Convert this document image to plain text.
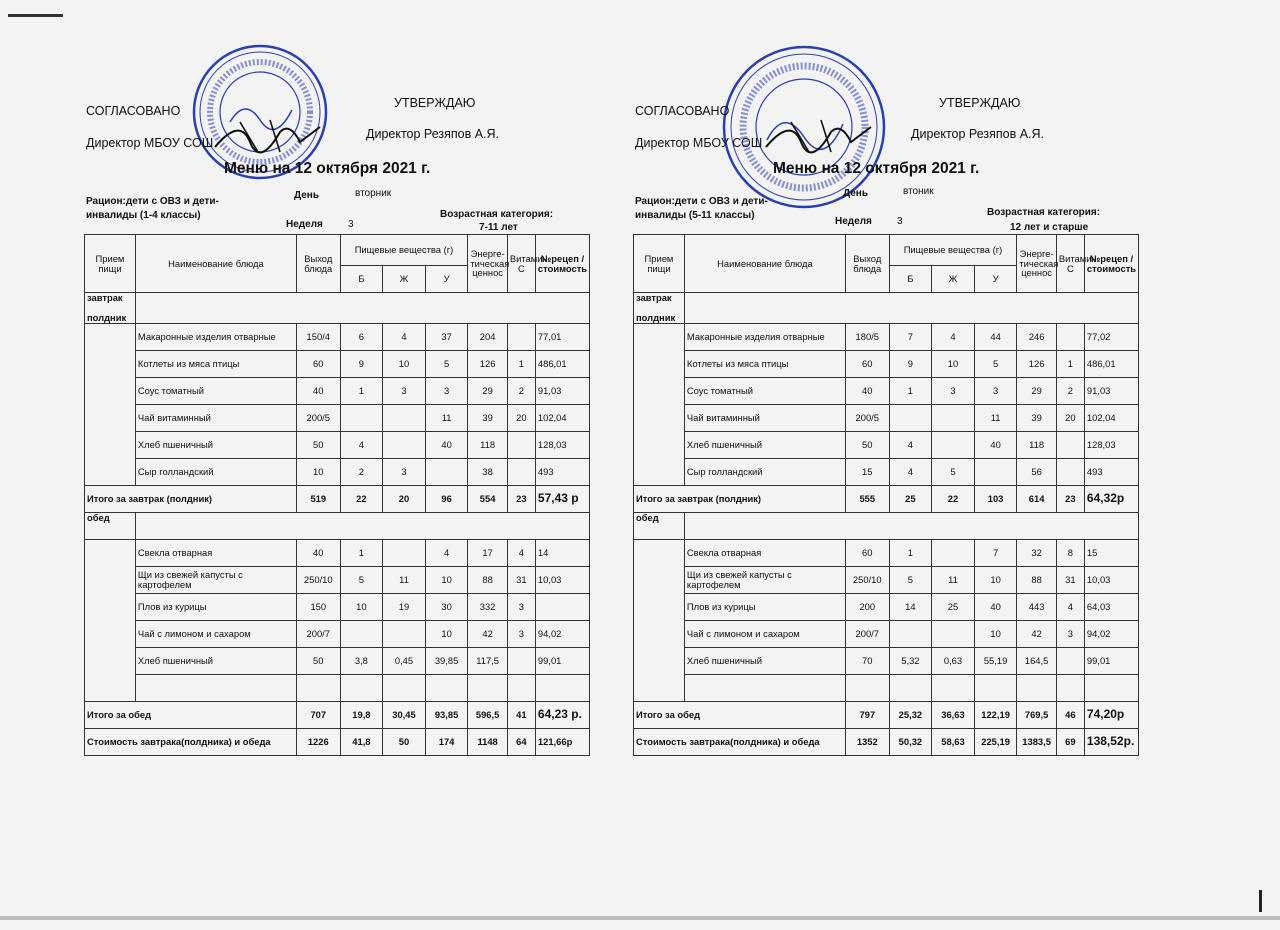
СОГЛАСОВАНО
УТВЕРЖДАЮ
Директор МБОУ СОШ
Директор Резяпов А.Я.
Меню на 12 октября 2021 г.
Рацион:дети с ОВЗ и дети-
инвалиды (1-4 классы)
День	вторник
Неделя	3
Возрастная категория:
7-11 лет
Прием пищи	Наименование блюда	Выход блюда	Пищевые вещества (г)			Энерге-тическая ценнос	Витамин С	№рецеп /стоимость
			Б	Ж	У			
завтрак

полдник								
	Макаронные изделия отварные	150/4	6	4	37	204		77,01
	Котлеты из мяса птицы	60	9	10	5	126	1	486,01
	Соус томатный	40	1	3	3	29	2	91,03
	Чай витаминный	200/5			11	39	20	102,04
	Хлеб пшеничный	50	4		40	118		128,03
	Сыр голландский	10	2	3		38		493
Итого за завтрак (полдник)		519	22	20	96	554	23	57,43 р
обед								
	Свекла отварная	40	1		4	17	4	14
	Щи из свежей капусты с картофелем	250/10	5	11	10	88	31	10,03
	Плов из курицы	150	10	19	30	332	3	
	Чай с лимоном и сахаром	200/7			10	42	3	94,02
	Хлеб пшеничный	50	3,8	0,45	39,85	117,5		99,01

Итого за обед		707	19,8	30,45	93,85	596,5	41	64,23 р.
Стоимость завтрака(полдника) и обеда		1226	41,8	50	174	1148	64	121,66р
СОГЛАСОВАНО
УТВЕРЖДАЮ
Директор МБОУ СОШ
Директор Резяпов А.Я.
Меню на 12 октября 2021 г.
Рацион:дети с ОВЗ и дети-
инвалиды (5-11 классы)
День	втоник
Неделя	3
Возрастная категория:
12 лет и старше
Прием пищи	Наименование блюда	Выход блюда	Пищевые вещества (г)			Энерге-тическая ценнос	Витамин С	№рецеп /стоимость
			Б	Ж	У			
завтрак

полдник								
	Макаронные изделия отварные	180/5	7	4	44	246		77,02
	Котлеты из мяса птицы	60	9	10	5	126	1	486,01
	Соус томатный	40	1	3	3	29	2	91,03
	Чай витаминный	200/5			11	39	20	102,04
	Хлеб пшеничный	50	4		40	118		128,03
	Сыр голландский	15	4	5		56		493
Итого за завтрак (полдник)		555	25	22	103	614	23	64,32р
обед								
	Свекла отварная	60	1		7	32	8	15
	Щи из свежей капусты с картофелем	250/10	5	11	10	88	31	10,03
	Плов из курицы	200	14	25	40	443	4	64,03
	Чай с лимоном и сахаром	200/7			10	42	3	94,02
	Хлеб пшеничный	70	5,32	0,63	55,19	164,5		99,01

Итого за обед		797	25,32	36,63	122,19	769,5	46	74,20р
Стоимость завтрака(полдника) и обеда		1352	50,32	58,63	225,19	1383,5	69	138,52р.
